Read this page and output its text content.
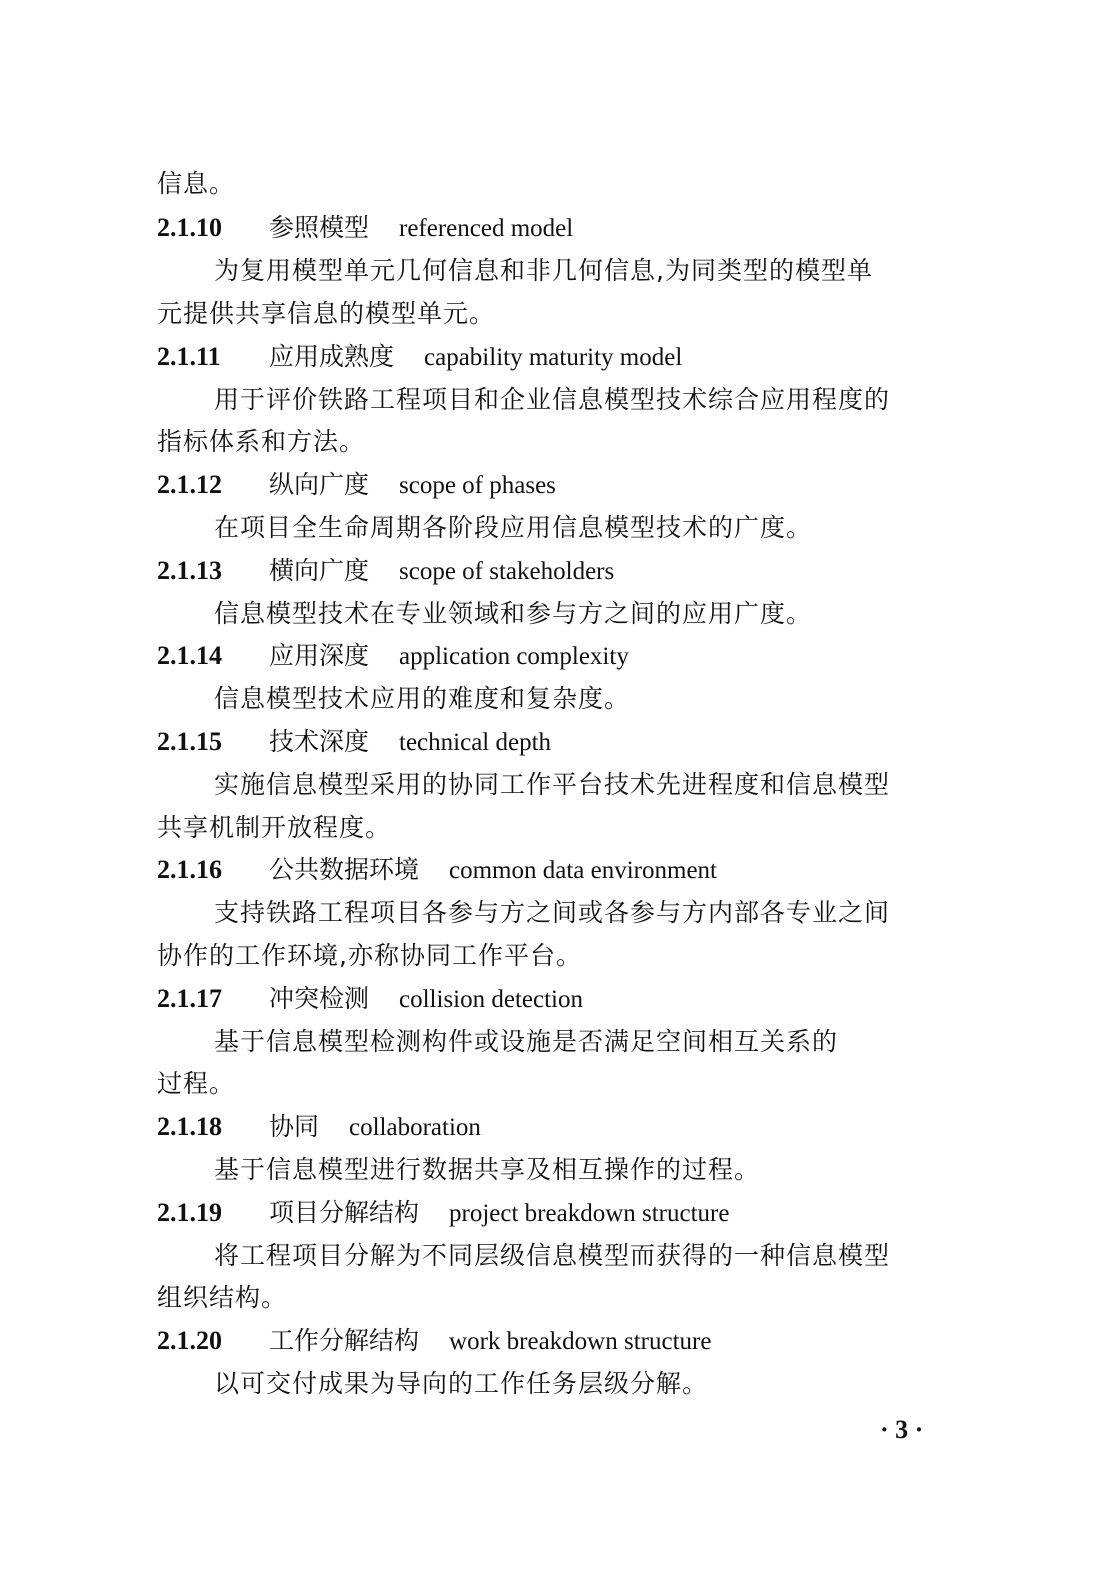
信息。
2.1.10 参照模型 referenced model
为复用模型单元几何信息和非几何信息,为同类型的模型单
元提供共享信息的模型单元。
2.1.11 应用成熟度 capability maturity model
用于评价铁路工程项目和企业信息模型技术综合应用程度的
指标体系和方法。
2.1.12 纵向广度 scope of phases
在项目全生命周期各阶段应用信息模型技术的广度。
2.1.13 横向广度 scope of stakeholders
信息模型技术在专业领域和参与方之间的应用广度。
2.1.14 应用深度 application complexity
信息模型技术应用的难度和复杂度。
2.1.15 技术深度 technical depth
实施信息模型采用的协同工作平台技术先进程度和信息模型
共享机制开放程度。
2.1.16 公共数据环境 common data environment
支持铁路工程项目各参与方之间或各参与方内部各专业之间
协作的工作环境,亦称协同工作平台。
2.1.17 冲突检测 collision detection
基于信息模型检测构件或设施是否满足空间相互关系的
过程。
2.1.18 协同 collaboration
基于信息模型进行数据共享及相互操作的过程。
2.1.19 项目分解结构 project breakdown structure
将工程项目分解为不同层级信息模型而获得的一种信息模型
组织结构。
2.1.20 工作分解结构 work breakdown structure
以可交付成果为导向的工作任务层级分解。
· 3 ·
